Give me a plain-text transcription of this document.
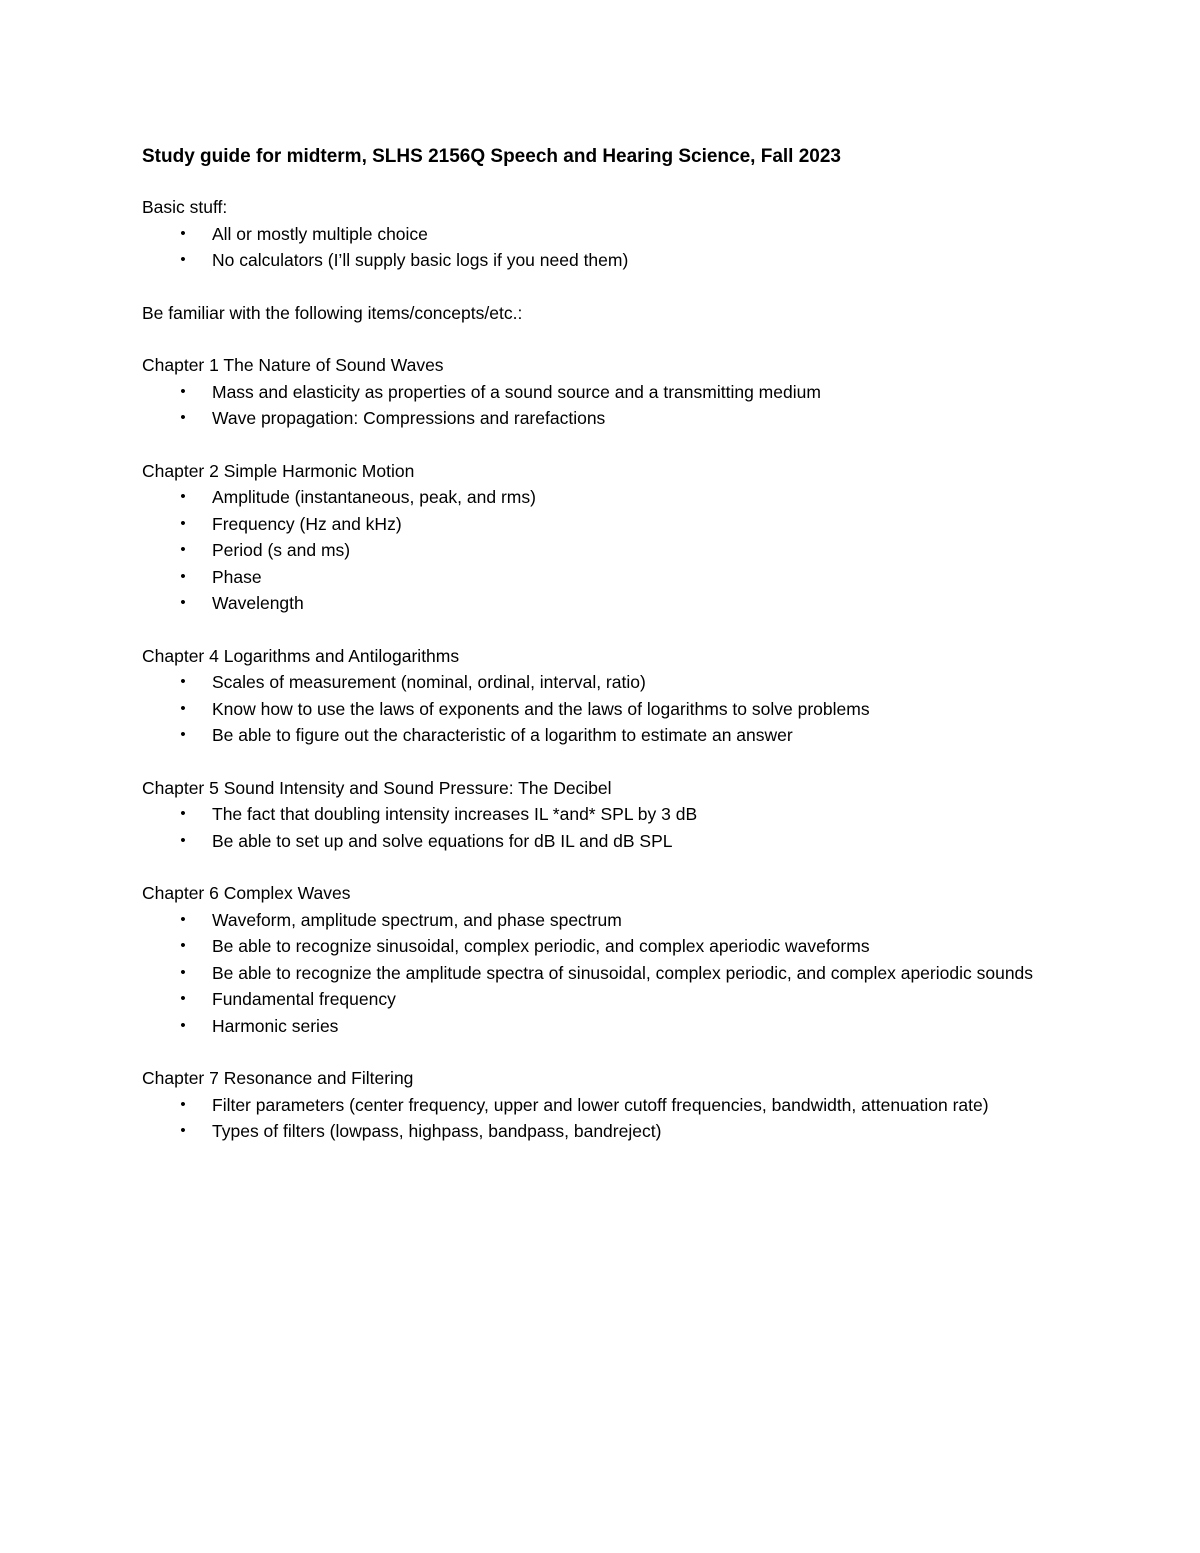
Study guide for midterm, SLHS 2156Q Speech and Hearing Science, Fall 2023

Basic stuff:

• All or mostly multiple choice
• No calculators (I’ll supply basic logs if you need them)

Be familiar with the following items/concepts/etc.:

Chapter 1 The Nature of Sound Waves

• Mass and elasticity as properties of a sound source and a transmitting medium
• Wave propagation: Compressions and rarefactions

Chapter 2 Simple Harmonic Motion

• Amplitude (instantaneous, peak, and rms)
• Frequency (Hz and kHz)
• Period (s and ms)
• Phase
• Wavelength

Chapter 4 Logarithms and Antilogarithms

• Scales of measurement (nominal, ordinal, interval, ratio)
• Know how to use the laws of exponents and the laws of logarithms to solve problems
• Be able to figure out the characteristic of a logarithm to estimate an answer

Chapter 5 Sound Intensity and Sound Pressure: The Decibel

• The fact that doubling intensity increases IL *and* SPL by 3 dB
• Be able to set up and solve equations for dB IL and dB SPL

Chapter 6 Complex Waves

• Waveform, amplitude spectrum, and phase spectrum
• Be able to recognize sinusoidal, complex periodic, and complex aperiodic waveforms
• Be able to recognize the amplitude spectra of sinusoidal, complex periodic, and complex aperiodic sounds
• Fundamental frequency
• Harmonic series

Chapter 7 Resonance and Filtering

• Filter parameters (center frequency, upper and lower cutoff frequencies, bandwidth, attenuation rate)
• Types of filters (lowpass, highpass, bandpass, bandreject)
